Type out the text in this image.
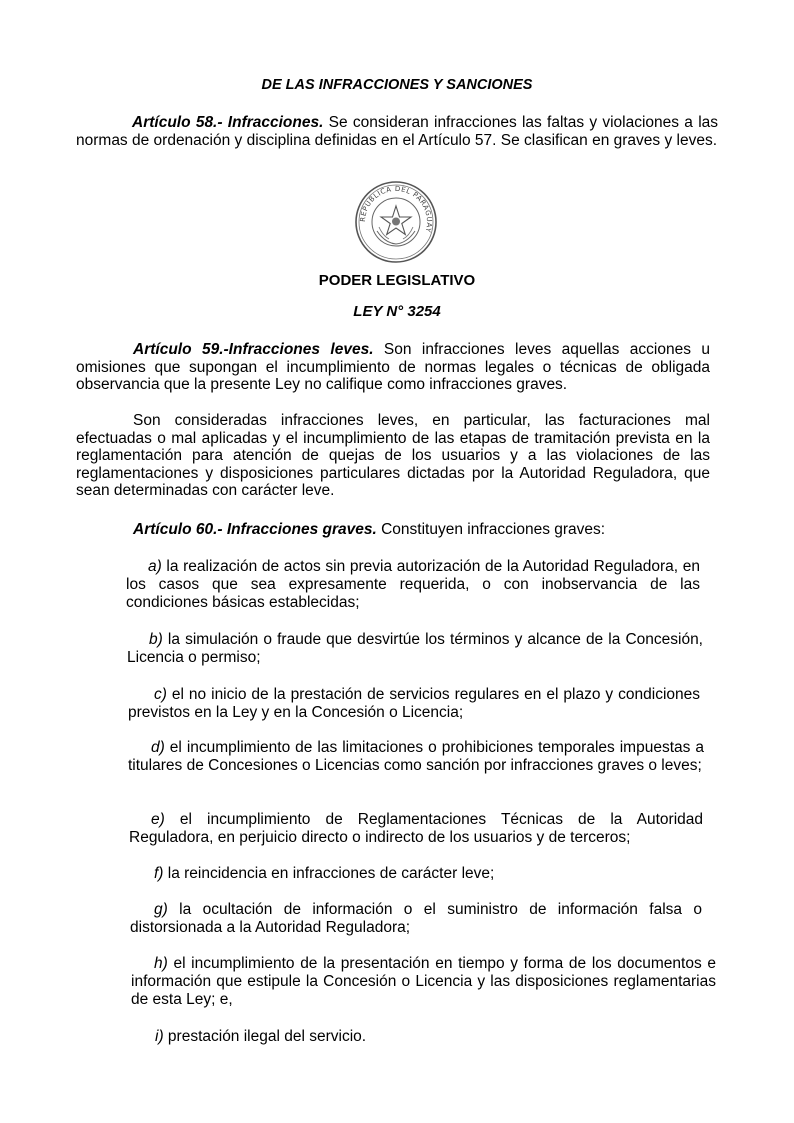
DE LAS INFRACCIONES Y SANCIONES
Artículo 58.- Infracciones. Se consideran infracciones las faltas y violaciones a las normas de ordenación y disciplina definidas en el Artículo 57. Se clasifican en graves y leves.
REPUBLICA DEL PARAGUAY
PODER LEGISLATIVO
LEY N° 3254
Artículo 59.-Infracciones leves. Son infracciones leves aquellas acciones u omisiones que supongan el incumplimiento de normas legales o técnicas de obligada observancia que la presente Ley no califique como infracciones graves.
Son consideradas infracciones leves, en particular, las facturaciones mal efectuadas o mal aplicadas y el incumplimiento de las etapas de tramitación prevista en la reglamentación para atención de quejas de los usuarios y a las violaciones de las reglamentaciones y disposiciones particulares dictadas por la Autoridad Reguladora, que sean determinadas con carácter leve.
Artículo 60.- Infracciones graves. Constituyen infracciones graves:
a) la realización de actos sin previa autorización de la Autoridad Reguladora, en los casos que sea expresamente requerida, o con inobservancia de las condiciones básicas establecidas;
b) la simulación o fraude que desvirtúe los términos y alcance de la Concesión, Licencia o permiso;
c) el no inicio de la prestación de servicios regulares en el plazo y condiciones previstos en la Ley y en la Concesión o Licencia;
d) el incumplimiento de las limitaciones o prohibiciones temporales impuestas a titulares de Concesiones o Licencias como sanción por infracciones graves o leves;
e) el incumplimiento de Reglamentaciones Técnicas de la Autoridad Reguladora, en perjuicio directo o indirecto de los usuarios y de terceros;
f) la reincidencia en infracciones de carácter leve;
g) la ocultación de información o el suministro de información falsa o distorsionada a la Autoridad Reguladora;
h) el incumplimiento de la presentación en tiempo y forma de los documentos e información que estipule la Concesión o Licencia y las disposiciones reglamentarias de esta Ley; e,
i) prestación ilegal del servicio.
